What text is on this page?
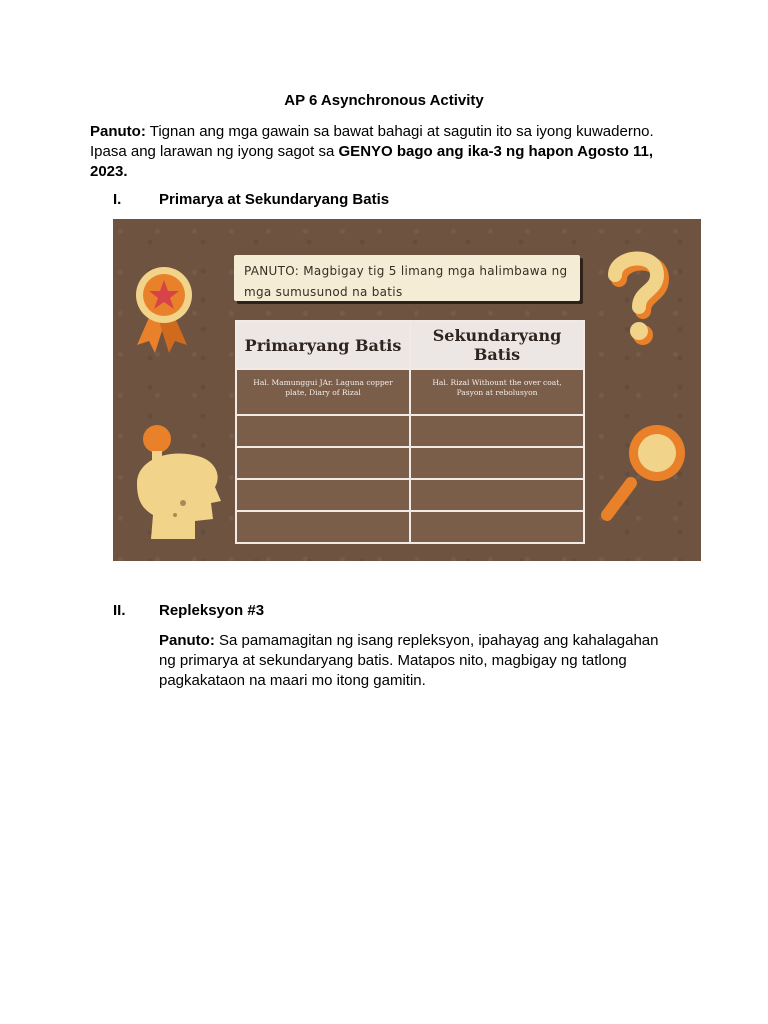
AP 6 Asynchronous Activity
Panuto: Tignan ang mga gawain sa bawat bahagi at sagutin ito sa iyong kuwaderno. Ipasa ang larawan ng iyong sagot sa GENYO bago ang ika-3 ng hapon Agosto 11, 2023.
I.	Primarya at Sekundaryang Batis
PANUTO: Magbigay tig 5 limang mga halimbawa ng mga sumusunod na batis
Primaryang Batis	Sekundaryang Batis
Hal. Mamunggui JAr. Laguna copper plate, Diary of Rizal	Hal. Rizal Withount the over coat, Pasyon at rebolusyon

II. Repleksyon #3
Panuto: Sa pamamagitan ng isang repleksyon, ipahayag ang kahalagahan ng primarya at sekundaryang batis. Matapos nito, magbigay ng tatlong pagkakataon na maari mo itong gamitin.
